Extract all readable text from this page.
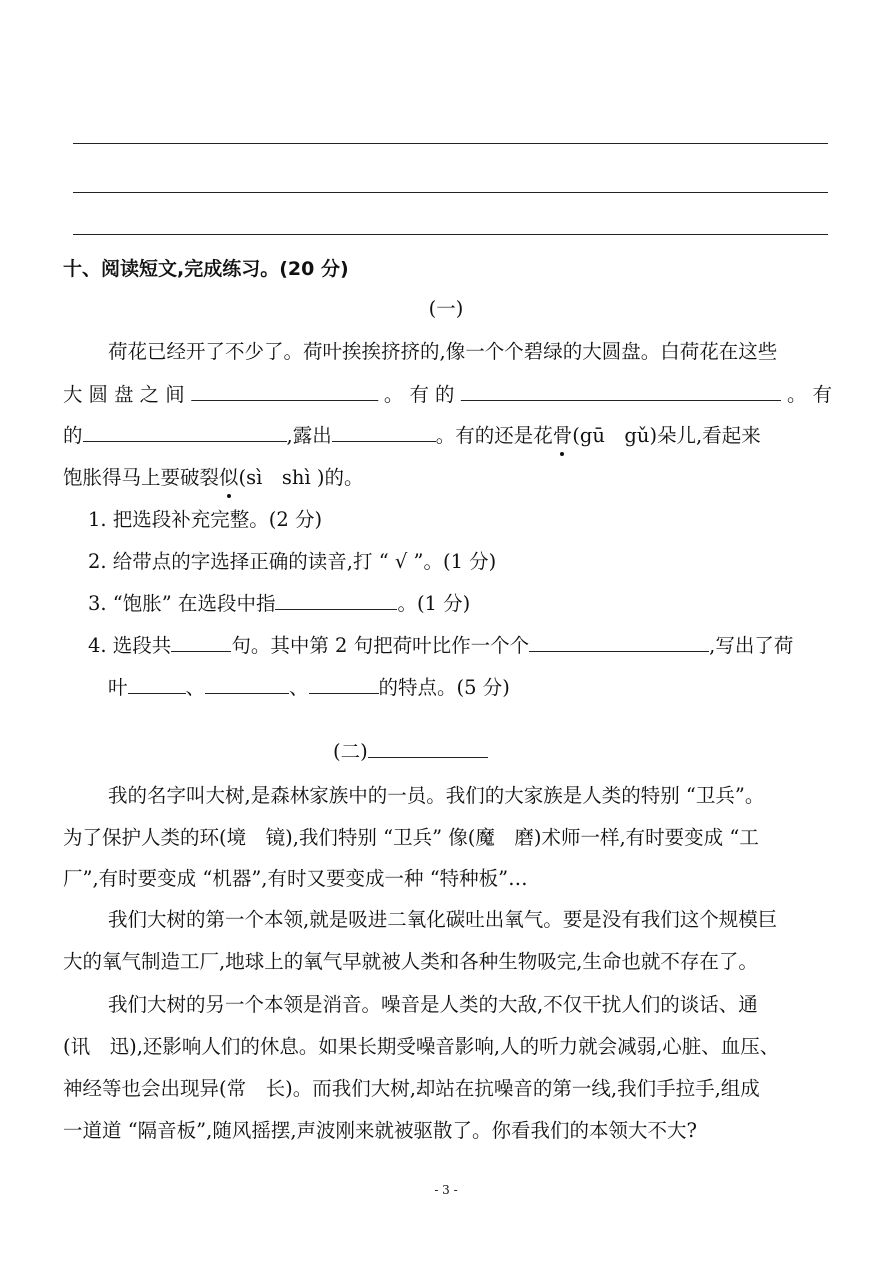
十、阅读短文,完成练习。(20 分)
(一)
荷花已经开了不少了。荷叶挨挨挤挤的,像一个个碧绿的大圆盘。白荷花在这些
大 圆 盘 之 间	。 有 的	。 有
的	,露出	。有的还是花骨(gū　gǔ)朵儿,看起来
饱胀得马上要破裂似(sì　shì )的。
1. 把选段补充完整。(2 分)
2. 给带点的字选择正确的读音,打 “ √ ”。(1 分)
3. “饱胀” 在选段中指	。(1 分)
4. 选段共	句。其中第 2 句把荷叶比作一个个	,写出了荷
叶	、	、	的特点。(5 分)
(二)
我的名字叫大树,是森林家族中的一员。我们的大家族是人类的特别 “卫兵”。
为了保护人类的环(境　镜),我们特别 “卫兵” 像(魔　磨)术师一样,有时要变成 “工
厂”,有时要变成 “机器”,有时又要变成一种 “特种板”…
我们大树的第一个本领,就是吸进二氧化碳吐出氧气。要是没有我们这个规模巨
大的氧气制造工厂,地球上的氧气早就被人类和各种生物吸完,生命也就不存在了。
我们大树的另一个本领是消音。噪音是人类的大敌,不仅干扰人们的谈话、通
(讯　迅),还影响人们的休息。如果长期受噪音影响,人的听力就会减弱,心脏、血压、
神经等也会出现异(常　长)。而我们大树,却站在抗噪音的第一线,我们手拉手,组成
一道道 “隔音板”,随风摇摆,声波刚来就被驱散了。你看我们的本领大不大?
- 3 -
